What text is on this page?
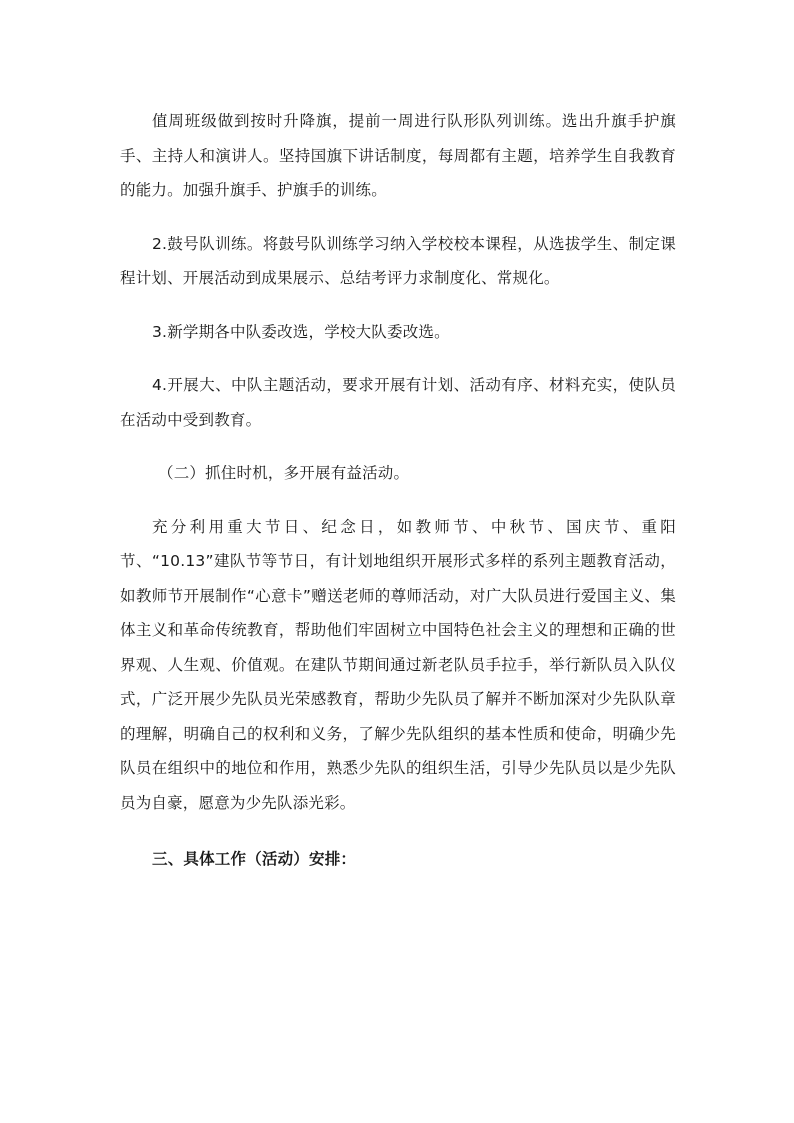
值周班级做到按时升降旗，提前一周进行队形队列训练。选出升旗手护旗手、主持人和演讲人。坚持国旗下讲话制度，每周都有主题，培养学生自我教育的能力。加强升旗手、护旗手的训练。

2.鼓号队训练。将鼓号队训练学习纳入学校校本课程，从选拔学生、制定课程计划、开展活动到成果展示、总结考评力求制度化、常规化。

3.新学期各中队委改选，学校大队委改选。

4.开展大、中队主题活动，要求开展有计划、活动有序、材料充实，使队员在活动中受到教育。

（二）抓住时机，多开展有益活动。

充分利用重大节日、纪念日，如教师节、中秋节、国庆节、重阳节、“10.13”建队节等节日，有计划地组织开展形式多样的系列主题教育活动，如教师节开展制作“心意卡”赠送老师的尊师活动，对广大队员进行爱国主义、集体主义和革命传统教育，帮助他们牢固树立中国特色社会主义的理想和正确的世界观、人生观、价值观。在建队节期间通过新老队员手拉手，举行新队员入队仪式，广泛开展少先队员光荣感教育，帮助少先队员了解并不断加深对少先队队章的理解，明确自己的权利和义务，了解少先队组织的基本性质和使命，明确少先队员在组织中的地位和作用，熟悉少先队的组织生活，引导少先队员以是少先队员为自豪，愿意为少先队添光彩。

三、具体工作（活动）安排：
